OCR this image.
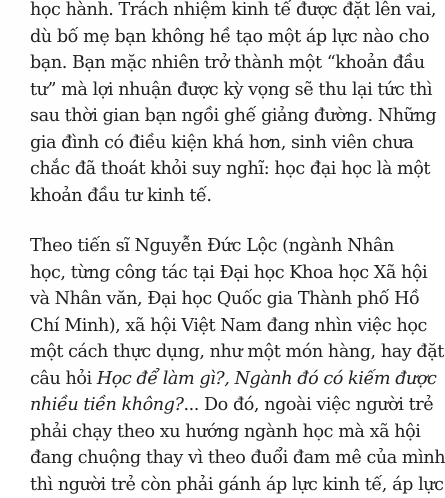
học hành. Trách nhiệm kinh tế được đặt lên vai,
dù bố mẹ bạn không hề tạo một áp lực nào cho
bạn. Bạn mặc nhiên trở thành một “khoản đầu
tư” mà lợi nhuận được kỳ vọng sẽ thu lại tức thì
sau thời gian bạn ngồi ghế giảng đường. Những
gia đình có điều kiện khá hơn, sinh viên chưa
chắc đã thoát khỏi suy nghĩ: học đại học là một
khoản đầu tư kinh tế.
Theo tiến sĩ Nguyễn Đức Lộc (ngành Nhân
học, từng công tác tại Đại học Khoa học Xã hội
và Nhân văn, Đại học Quốc gia Thành phố Hồ
Chí Minh), xã hội Việt Nam đang nhìn việc học
một cách thực dụng, như một món hàng, hay đặt
câu hỏi Học để làm gì?, Ngành đó có kiếm được
nhiều tiền không?... Do đó, ngoài việc người trẻ
phải chạy theo xu hướng ngành học mà xã hội
đang chuộng thay vì theo đuổi đam mê của mình
thì người trẻ còn phải gánh áp lực kinh tế, áp lực
